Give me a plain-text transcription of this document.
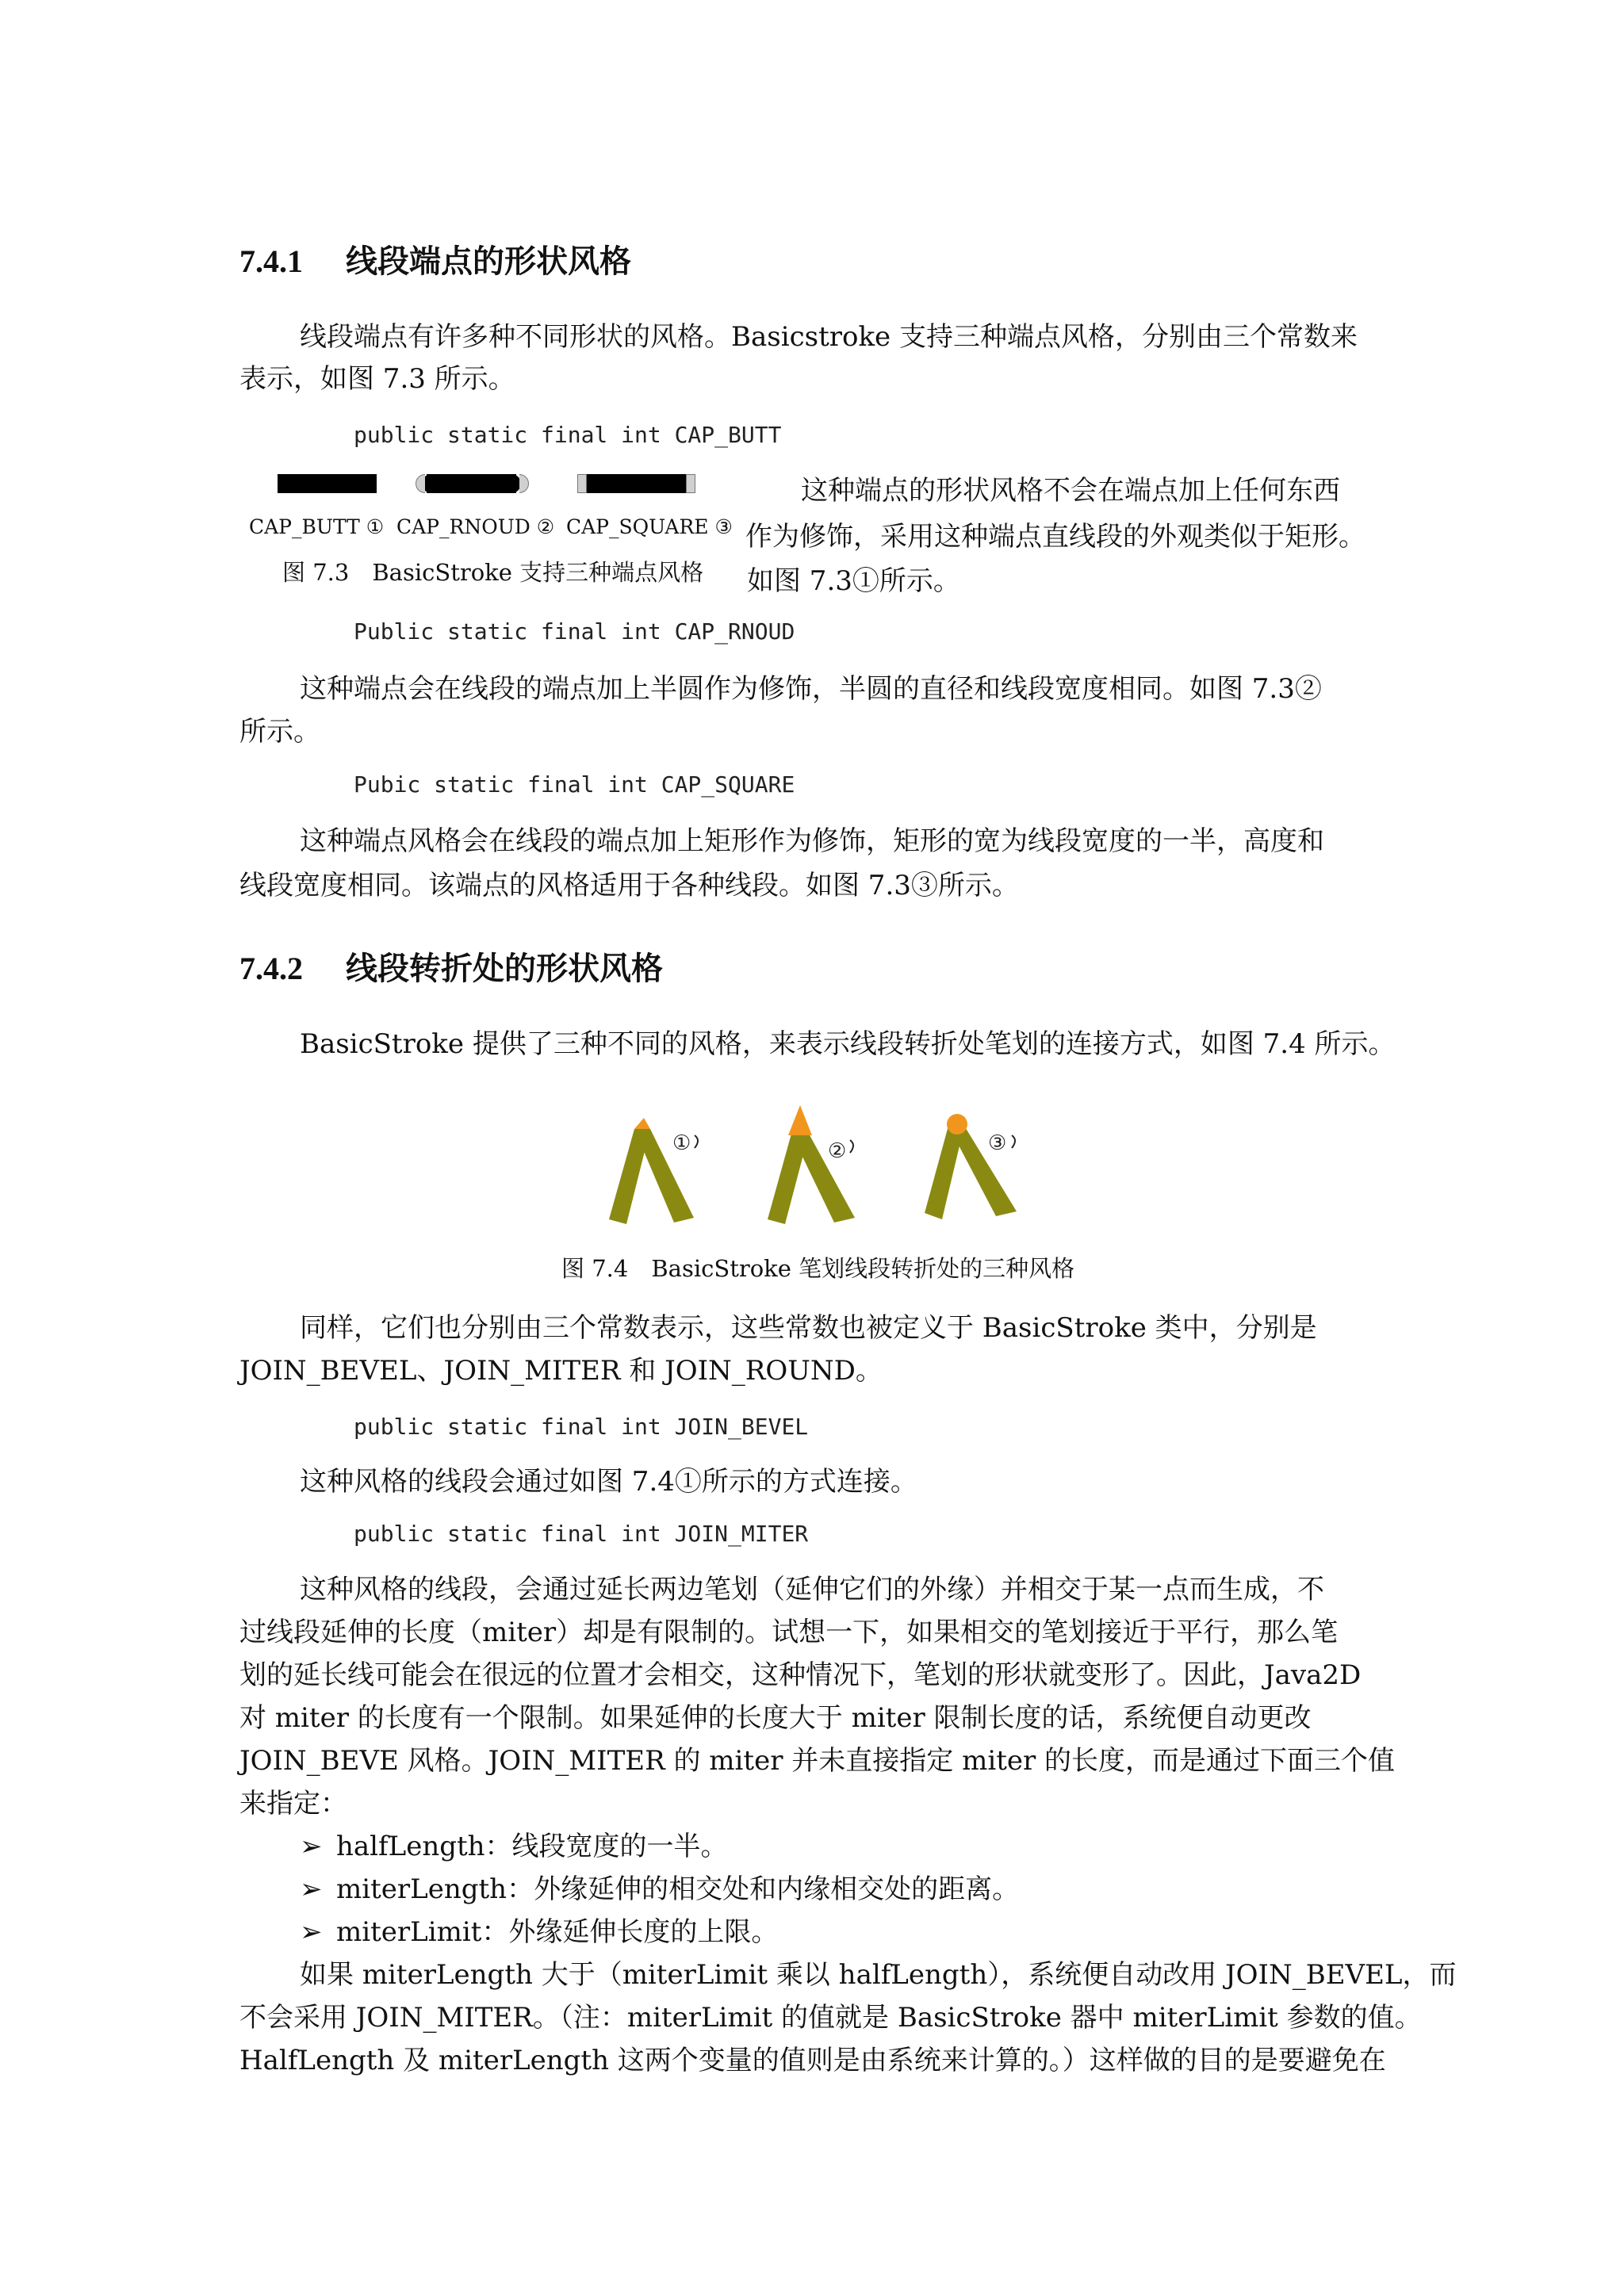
7.4.1 线段端点的形状风格
线段端点有许多种不同形状的风格。Basicstroke 支持三种端点风格，分别由三个常数来
表示，如图 7.3 所示。
public static final int CAP_BUTT
CAP_BUTT ① CAP_RNOUD ② CAP_SQUARE ③
图 7.3　BasicStroke 支持三种端点风格
这种端点的形状风格不会在端点加上任何东西
作为修饰，采用这种端点直线段的外观类似于矩形。
如图 7.3①所示。
Public static final int CAP_RNOUD
这种端点会在线段的端点加上半圆作为修饰，半圆的直径和线段宽度相同。如图 7.3②
所示。
Pubic static final int CAP_SQUARE
这种端点风格会在线段的端点加上矩形作为修饰，矩形的宽为线段宽度的一半，高度和
线段宽度相同。该端点的风格适用于各种线段。如图 7.3③所示。
7.4.2 线段转折处的形状风格
BasicStroke 提供了三种不同的风格，来表示线段转折处笔划的连接方式，如图 7.4 所示。
①	②	③
图 7.4　BasicStroke 笔划线段转折处的三种风格
同样，它们也分别由三个常数表示，这些常数也被定义于 BasicStroke 类中，分别是
JOIN_BEVEL、JOIN_MITER 和 JOIN_ROUND。
public static final int JOIN_BEVEL
这种风格的线段会通过如图 7.4①所示的方式连接。
public static final int JOIN_MITER
这种风格的线段，会通过延长两边笔划（延伸它们的外缘）并相交于某一点而生成，不
过线段延伸的长度（miter）却是有限制的。试想一下，如果相交的笔划接近于平行，那么笔
划的延长线可能会在很远的位置才会相交，这种情况下，笔划的形状就变形了。因此，Java2D
对 miter 的长度有一个限制。如果延伸的长度大于 miter 限制长度的话，系统便自动更改
JOIN_BEVE 风格。JOIN_MITER 的 miter 并未直接指定 miter 的长度，而是通过下面三个值
来指定：
➢ halfLength：线段宽度的一半。
➢ miterLength：外缘延伸的相交处和内缘相交处的距离。
➢ miterLimit：外缘延伸长度的上限。
如果 miterLength 大于（miterLimit 乘以 halfLength），系统便自动改用 JOIN_BEVEL，而
不会采用 JOIN_MITER。（注：miterLimit 的值就是 BasicStroke 器中 miterLimit 参数的值。
HalfLength 及 miterLength 这两个变量的值则是由系统来计算的。）这样做的目的是要避免在
